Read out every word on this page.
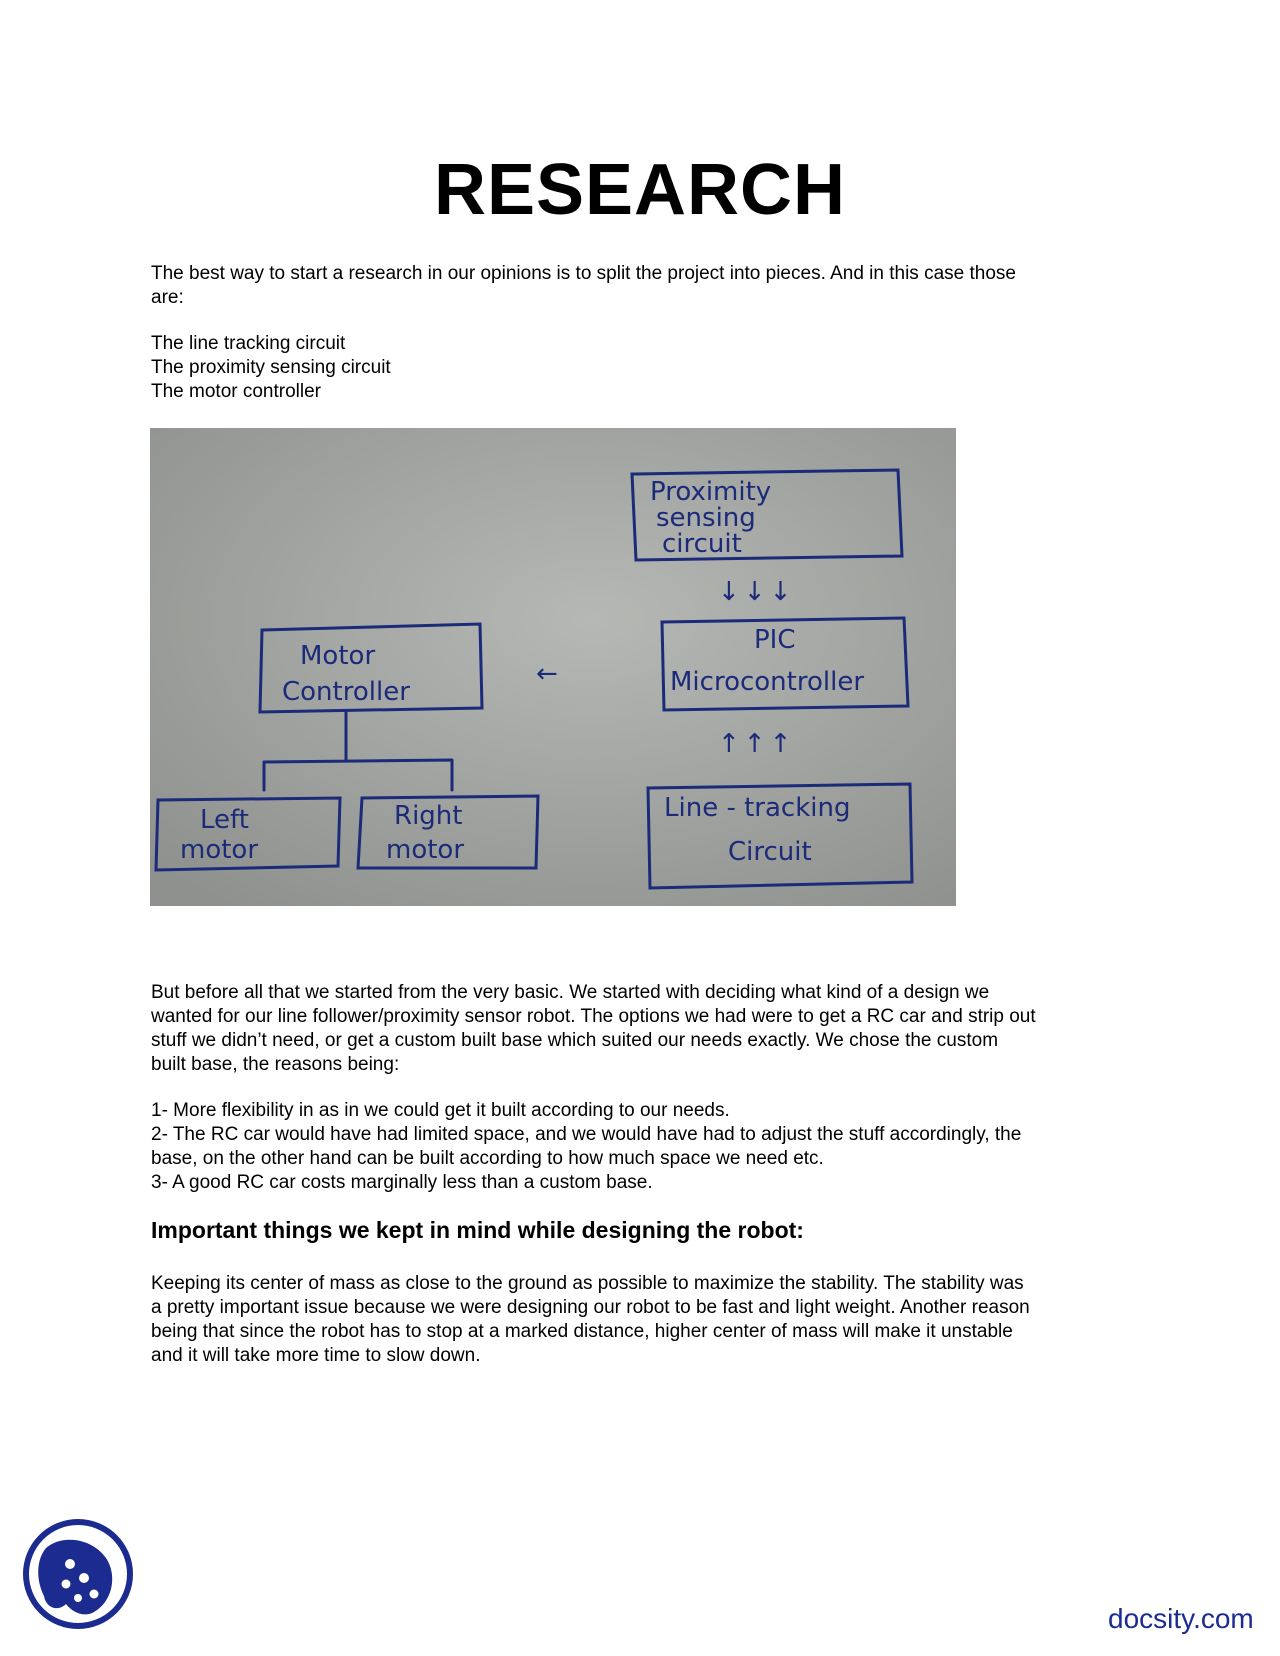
RESEARCH
The best way to start a research in our opinions is to split the project into pieces. And in this case those
are:
The line tracking circuit
The proximity sensing circuit
The motor controller
Proximity
sensing
circuit
↓↓↓
PIC
Microcontroller
←
Motor
Controller
↑↑↑
Left
motor
Right
motor
Line - tracking
Circuit
But before all that we started from the very basic. We started with deciding what kind of a design we
wanted for our line follower/proximity sensor robot. The options we had were to get a RC car and strip out
stuff we didn’t need, or get a custom built base which suited our needs exactly. We chose the custom
built base, the reasons being:
1- More flexibility in as in we could get it built according to our needs.
2- The RC car would have had limited space, and we would have had to adjust the stuff accordingly, the
base, on the other hand can be built according to how much space we need etc.
3- A good RC car costs marginally less than a custom base.
Important things we kept in mind while designing the robot:
Keeping its center of mass as close to the ground as possible to maximize the stability. The stability was
a pretty important issue because we were designing our robot to be fast and light weight. Another reason
being that since the robot has to stop at a marked distance, higher center of mass will make it unstable
and it will take more time to slow down.
docsity.com
